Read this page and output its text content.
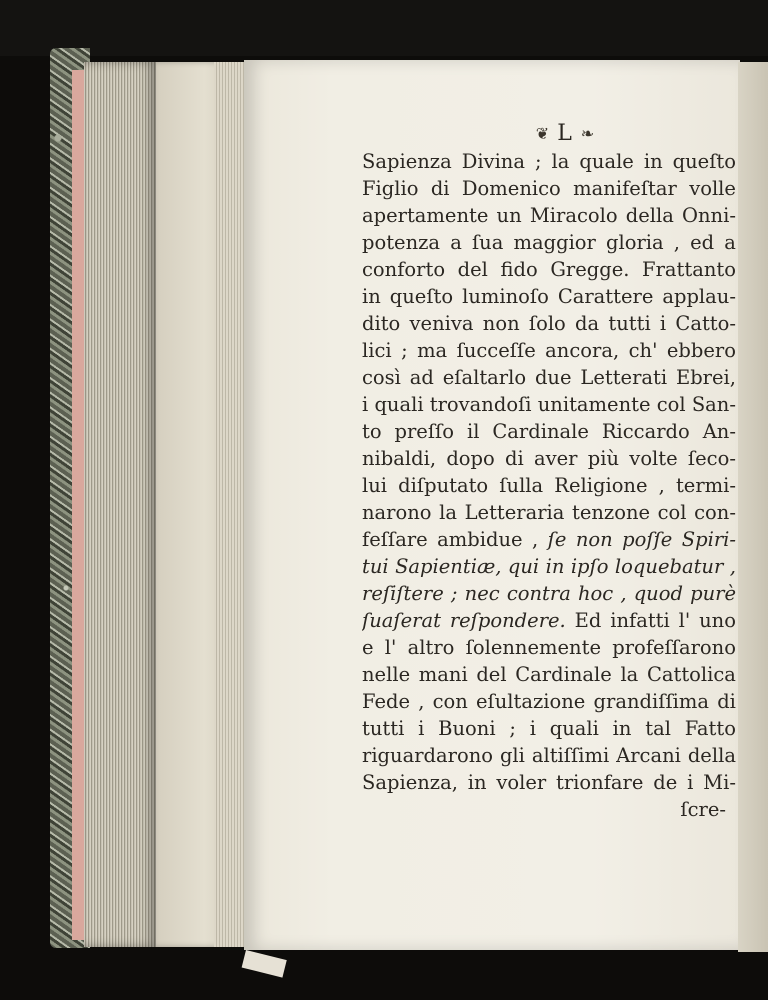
❦ L ❧
Sapienza Divina ; la quale in queſto
Figlio di Domenico manifeſtar volle
apertamente un Miracolo della Onni-
potenza a ſua maggior gloria , ed a
conforto del fido Gregge. Frattanto
in queſto luminoſo Carattere applau-
dito veniva non ſolo da tutti i Catto-
lici ; ma ſucceſſe ancora, ch' ebbero
così ad eſaltarlo due Letterati Ebrei,
i quali trovandoſi unitamente col San-
to preſſo il Cardinale Riccardo An-
nibaldi, dopo di aver più volte ſeco-
lui diſputato ſulla Religione , termi-
narono la Letteraria tenzone col con-
feſſare ambidue , ſe non poſſe Spiri-
tui Sapientiæ, qui in ipſo loquebatur ,
reſiſtere ; nec contra hoc , quod purè
ſuaſerat reſpondere. Ed infatti l' uno
e l' altro ſolennemente profeſſarono
nelle mani del Cardinale la Cattolica
Fede , con eſultazione grandiſſima di
tutti i Buoni ; i quali in tal Fatto
riguardarono gli altiſſimi Arcani della
Sapienza, in voler trionfare de i Mi-
ſcre-
